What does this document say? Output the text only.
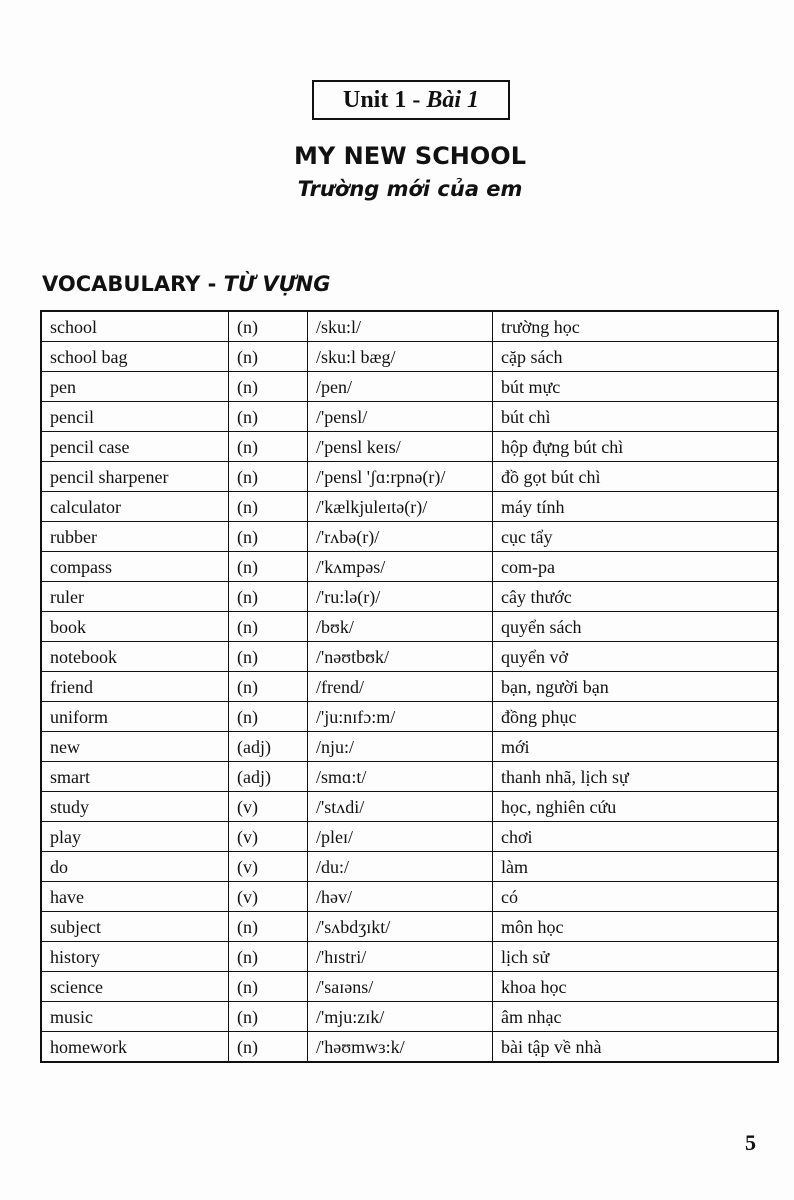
Unit 1 - Bài 1
MY NEW SCHOOL
Trường mới của em
VOCABULARY - TỪ VỰNG
school	(n)	/sku:l/	trường học
school bag	(n)	/sku:l bæg/	cặp sách
pen	(n)	/pen/	bút mực
pencil	(n)	/'pensl/	bút chì
pencil case	(n)	/'pensl keɪs/	hộp đựng bút chì
pencil sharpener	(n)	/'pensl 'ʃɑ:rpnə(r)/	đồ gọt bút chì
calculator	(n)	/'kælkjuleɪtə(r)/	máy tính
rubber	(n)	/'rʌbə(r)/	cục tẩy
compass	(n)	/'kʌmpəs/	com-pa
ruler	(n)	/'ru:lə(r)/	cây thước
book	(n)	/bʊk/	quyển sách
notebook	(n)	/'nəʊtbʊk/	quyển vở
friend	(n)	/frend/	bạn, người bạn
uniform	(n)	/'ju:nɪfɔ:m/	đồng phục
new	(adj)	/nju:/	mới
smart	(adj)	/smɑ:t/	thanh nhã, lịch sự
study	(v)	/'stʌdi/	học, nghiên cứu
play	(v)	/pleɪ/	chơi
do	(v)	/du:/	làm
have	(v)	/həv/	có
subject	(n)	/'sʌbdʒɪkt/	môn học
history	(n)	/'hɪstri/	lịch sử
science	(n)	/'saɪəns/	khoa học
music	(n)	/'mju:zɪk/	âm nhạc
homework	(n)	/'həʊmwɜ:k/	bài tập về nhà
5
